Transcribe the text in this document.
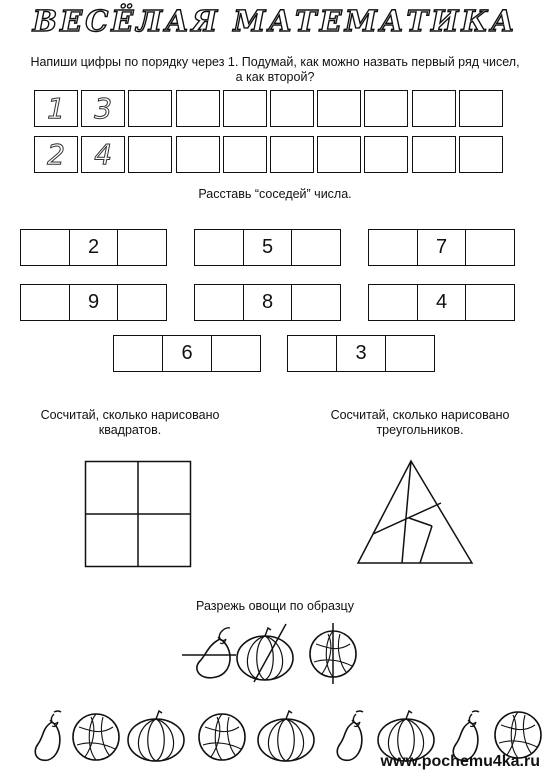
ВЕСЁЛАЯ МАТЕМАТИКА
Напиши цифры по порядку через 1. Подумай, как можно назвать первый ряд чисел,
а как второй?
1	3
2	4
Расставь “соседей” числа.
2	5	7
9	8	4
6	3
Сосчитай, сколько нарисовано
квадратов.
Сосчитай, сколько нарисовано
треугольников.
Разрежь овощи по образцу
www.pochemu4ka.ru
